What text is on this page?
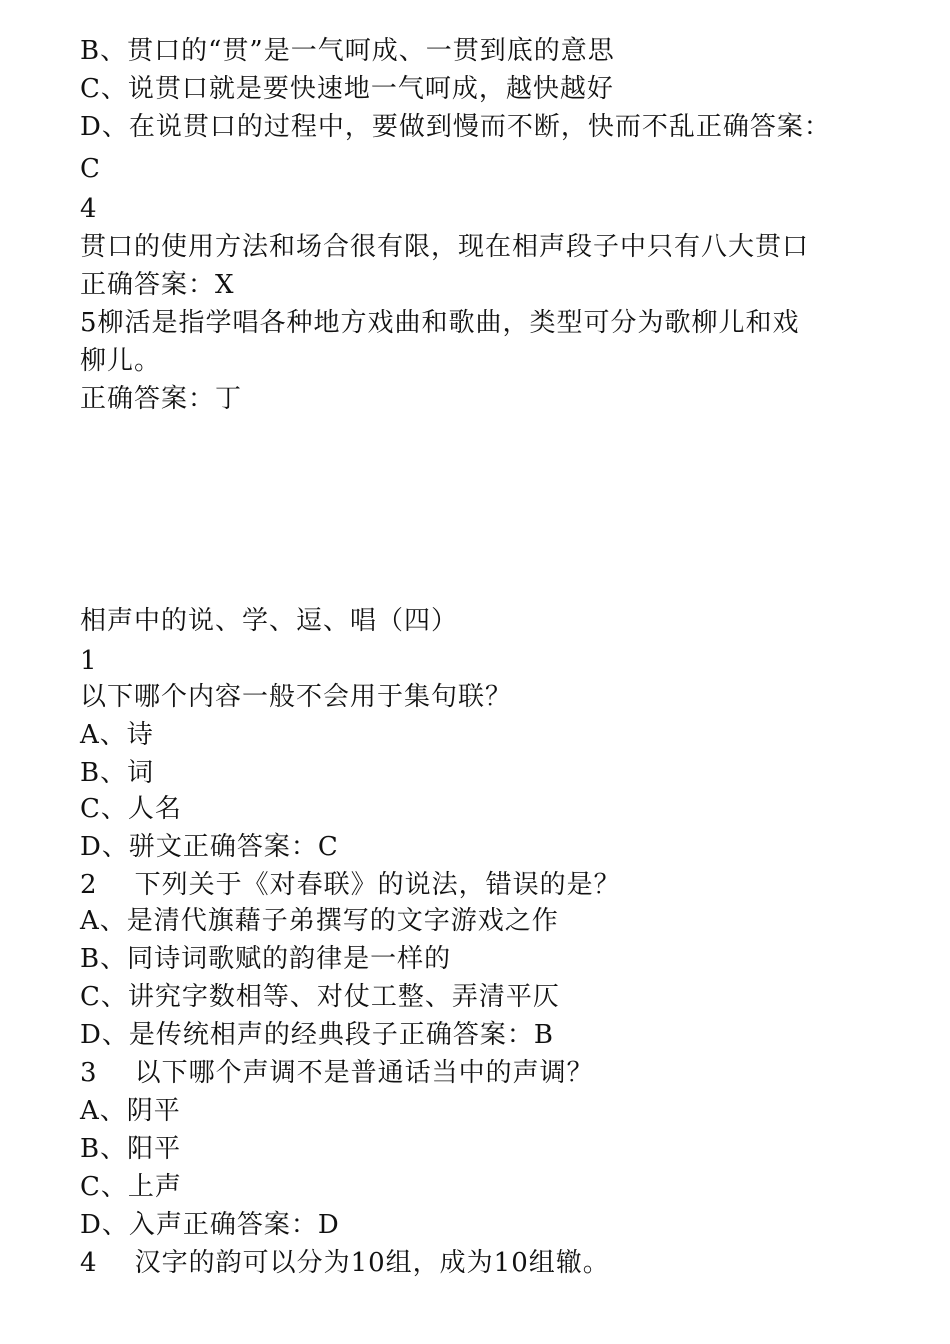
B、贯口的“贯”是一气呵成、一贯到底的意思
C、说贯口就是要快速地一气呵成，越快越好
D、在说贯口的过程中，要做到慢而不断，快而不乱正确答案：
C
4
贯口的使用方法和场合很有限，现在相声段子中只有八大贯口
正确答案：X
5柳活是指学唱各种地方戏曲和歌曲，类型可分为歌柳儿和戏
柳儿。
正确答案：丁
相声中的说、学、逗、唱（四）
1
以下哪个内容一般不会用于集句联？
A、诗
B、词
C、人名
D、骈文正确答案：C
2    下列关于《对春联》的说法，错误的是？
A、是清代旗藉子弟撰写的文字游戏之作
B、同诗词歌赋的韵律是一样的
C、讲究字数相等、对仗工整、弄清平仄
D、是传统相声的经典段子正确答案：B
3    以下哪个声调不是普通话当中的声调？
A、阴平
B、阳平
C、上声
D、入声正确答案：D
4    汉字的韵可以分为10组，成为10组辙。
